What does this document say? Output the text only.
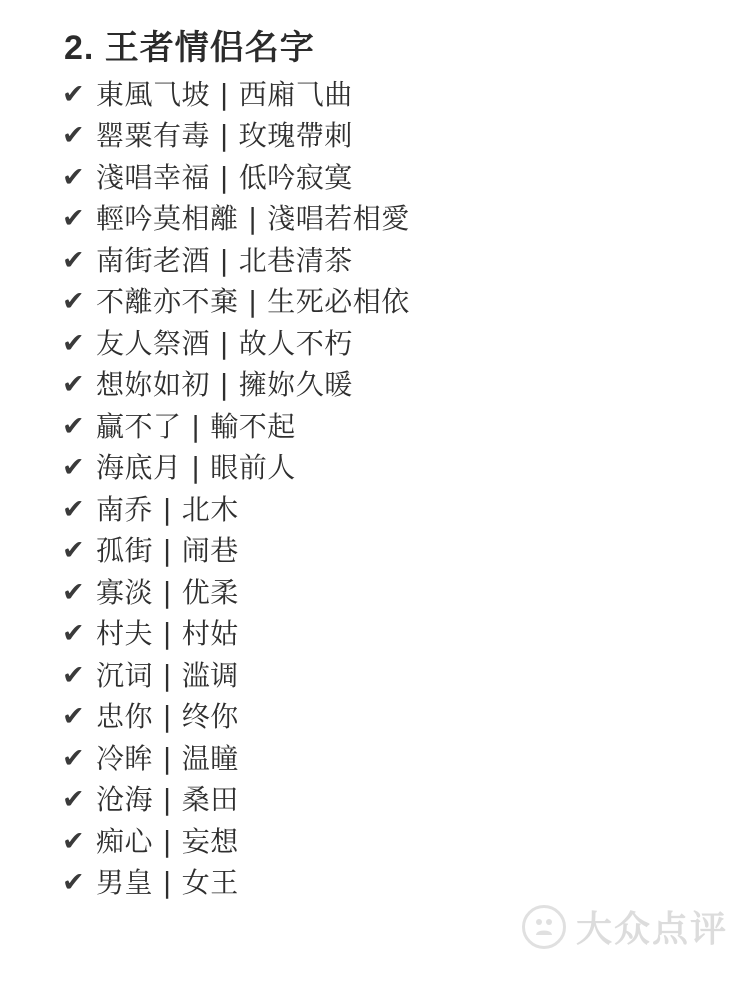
2. 王者情侣名字
✔ 東風⺄坡 | 西廂⺄曲
✔ 罂粟有毒 | 玫瑰帶刺
✔ 淺唱幸福 | 低吟寂寞
✔ 輕吟莫相離 | 淺唱若相愛
✔ 南街老酒 | 北巷清茶
✔ 不離亦不棄 | 生死必相依
✔ 友人祭酒 | 故人不朽
✔ 想妳如初 | 擁妳久暖
✔ 贏不了 | 輸不起
✔ 海底月 | 眼前人
✔ 南乔 | 北木
✔ 孤街 | 闹巷
✔ 寡淡 | 优柔
✔ 村夫 | 村姑
✔ 沉词 | 滥调
✔ 忠你 | 终你
✔ 冷眸 | 温瞳
✔ 沧海 | 桑田
✔ 痴心 | 妄想
✔ 男皇 | 女王
大众点评
